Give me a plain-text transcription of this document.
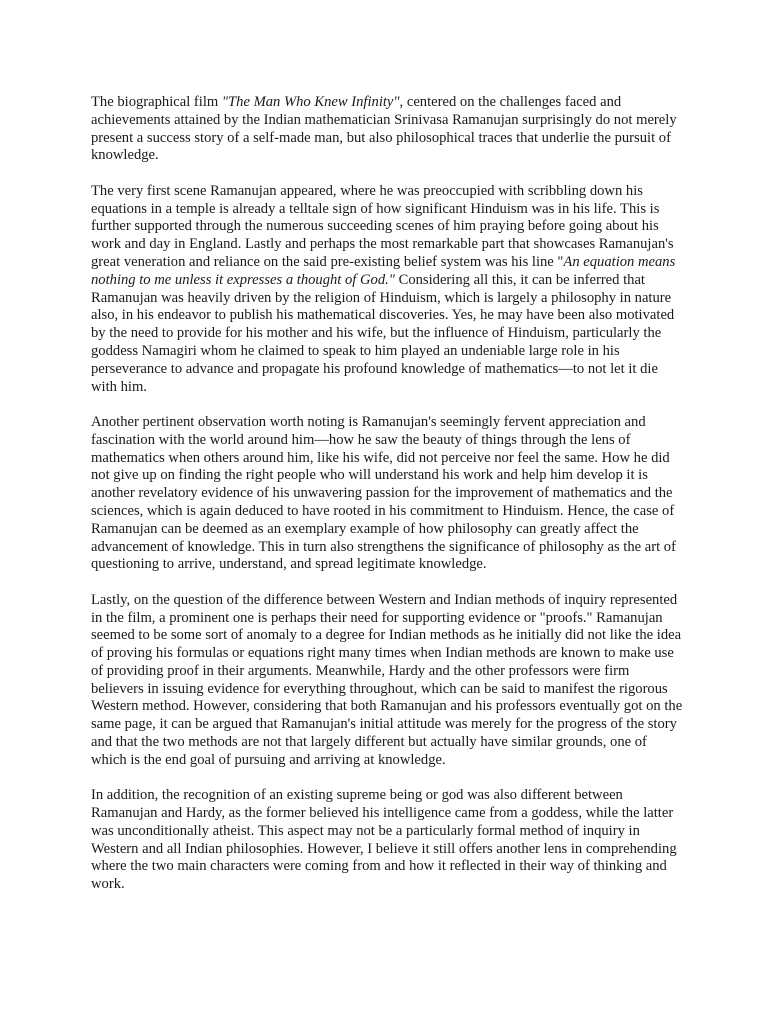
The biographical film "The Man Who Knew Infinity", centered on the challenges faced and achievements attained by the Indian mathematician Srinivasa Ramanujan surprisingly do not merely present a success story of a self-made man, but also philosophical traces that underlie the pursuit of knowledge.

The very first scene Ramanujan appeared, where he was preoccupied with scribbling down his equations in a temple is already a telltale sign of how significant Hinduism was in his life. This is further supported through the numerous succeeding scenes of him praying before going about his work and day in England. Lastly and perhaps the most remarkable part that showcases Ramanujan's great veneration and reliance on the said pre-existing belief system was his line "An equation means nothing to me unless it expresses a thought of God." Considering all this, it can be inferred that Ramanujan was heavily driven by the religion of Hinduism, which is largely a philosophy in nature also, in his endeavor to publish his mathematical discoveries. Yes, he may have been also motivated by the need to provide for his mother and his wife, but the influence of Hinduism, particularly the goddess Namagiri whom he claimed to speak to him played an undeniable large role in his perseverance to advance and propagate his profound knowledge of mathematics—to not let it die with him.

Another pertinent observation worth noting is Ramanujan's seemingly fervent appreciation and fascination with the world around him—how he saw the beauty of things through the lens of mathematics when others around him, like his wife, did not perceive nor feel the same. How he did not give up on finding the right people who will understand his work and help him develop it is another revelatory evidence of his unwavering passion for the improvement of mathematics and the sciences, which is again deduced to have rooted in his commitment to Hinduism. Hence, the case of Ramanujan can be deemed as an exemplary example of how philosophy can greatly affect the advancement of knowledge. This in turn also strengthens the significance of philosophy as the art of questioning to arrive, understand, and spread legitimate knowledge.

Lastly, on the question of the difference between Western and Indian methods of inquiry represented in the film, a prominent one is perhaps their need for supporting evidence or "proofs." Ramanujan seemed to be some sort of anomaly to a degree for Indian methods as he initially did not like the idea of proving his formulas or equations right many times when Indian methods are known to make use of providing proof in their arguments. Meanwhile, Hardy and the other professors were firm believers in issuing evidence for everything throughout, which can be said to manifest the rigorous Western method. However, considering that both Ramanujan and his professors eventually got on the same page, it can be argued that Ramanujan's initial attitude was merely for the progress of the story and that the two methods are not that largely different but actually have similar grounds, one of which is the end goal of pursuing and arriving at knowledge.

In addition, the recognition of an existing supreme being or god was also different between Ramanujan and Hardy, as the former believed his intelligence came from a goddess, while the latter was unconditionally atheist. This aspect may not be a particularly formal method of inquiry in Western and all Indian philosophies. However, I believe it still offers another lens in comprehending where the two main characters were coming from and how it reflected in their way of thinking and work.
